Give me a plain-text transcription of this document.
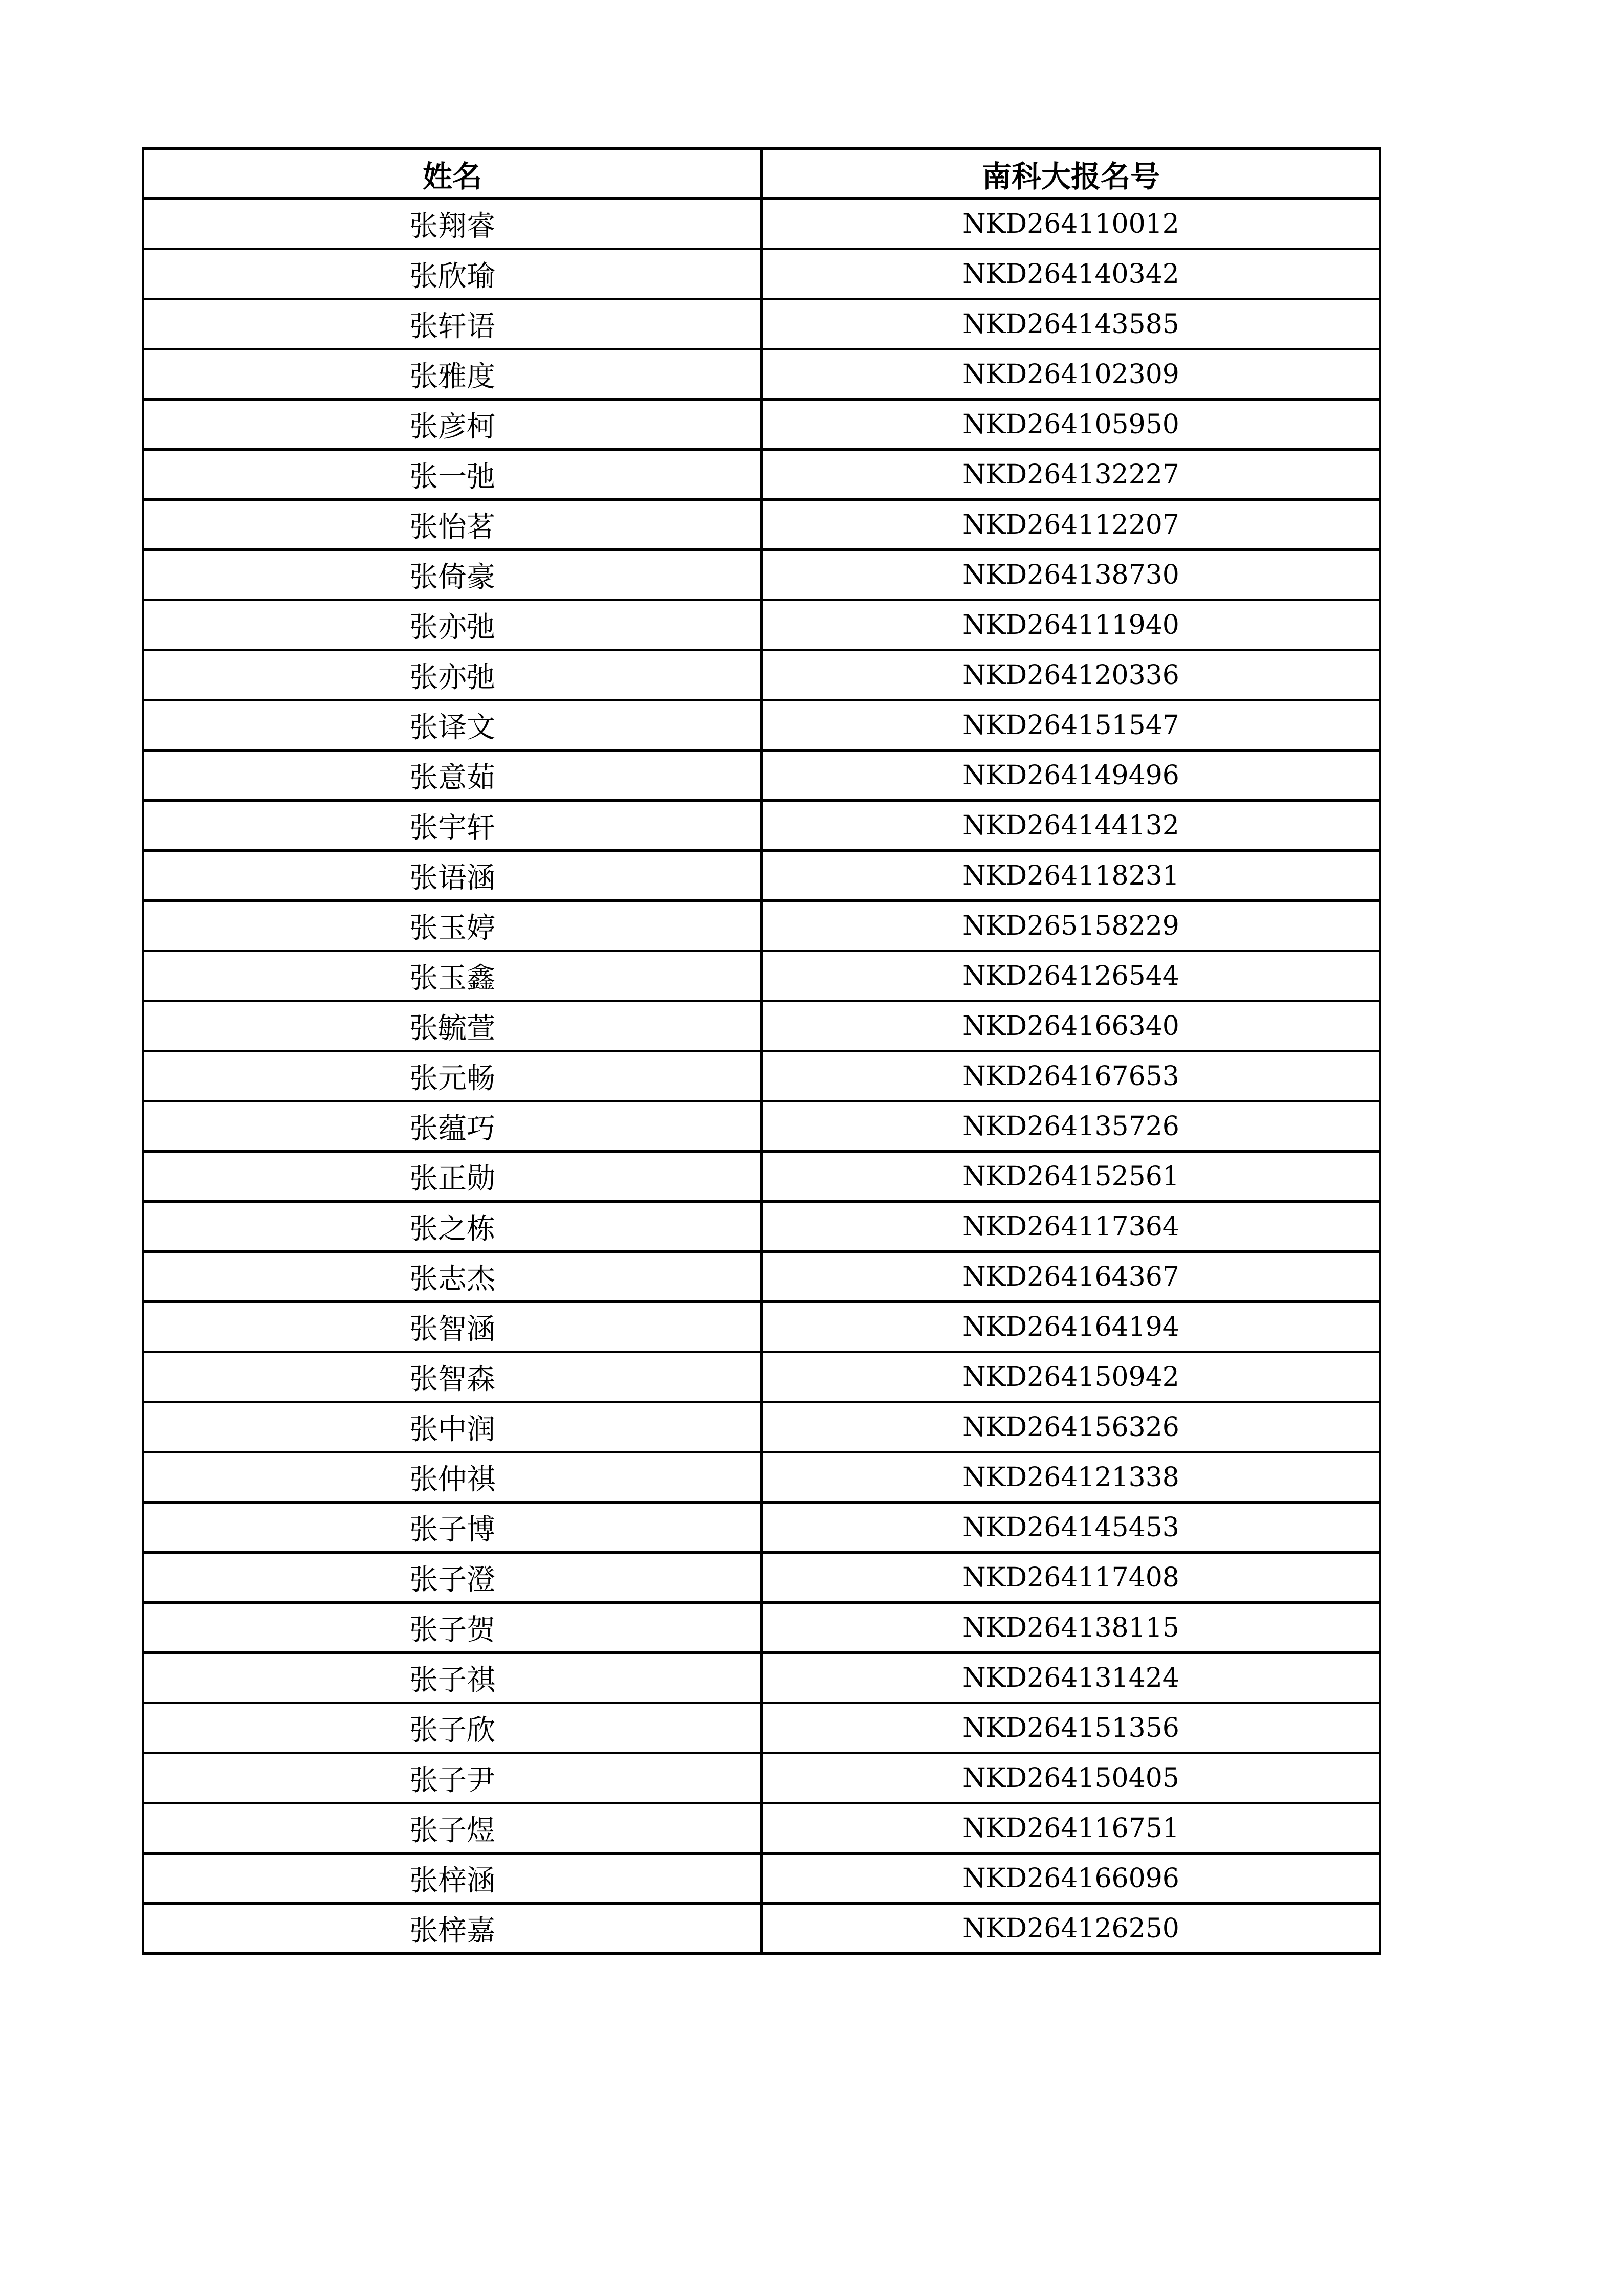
姓名	南科大报名号
张翔睿	NKD264110012
张欣瑜	NKD264140342
张轩语	NKD264143585
张雅度	NKD264102309
张彦柯	NKD264105950
张一弛	NKD264132227
张怡茗	NKD264112207
张倚豪	NKD264138730
张亦弛	NKD264111940
张亦弛	NKD264120336
张译文	NKD264151547
张意茹	NKD264149496
张宇轩	NKD264144132
张语涵	NKD264118231
张玉婷	NKD265158229
张玉鑫	NKD264126544
张毓萱	NKD264166340
张元畅	NKD264167653
张蕴巧	NKD264135726
张正勋	NKD264152561
张之栋	NKD264117364
张志杰	NKD264164367
张智涵	NKD264164194
张智森	NKD264150942
张中润	NKD264156326
张仲祺	NKD264121338
张子博	NKD264145453
张子澄	NKD264117408
张子贺	NKD264138115
张子祺	NKD264131424
张子欣	NKD264151356
张子尹	NKD264150405
张子煜	NKD264116751
张梓涵	NKD264166096
张梓嘉	NKD264126250
